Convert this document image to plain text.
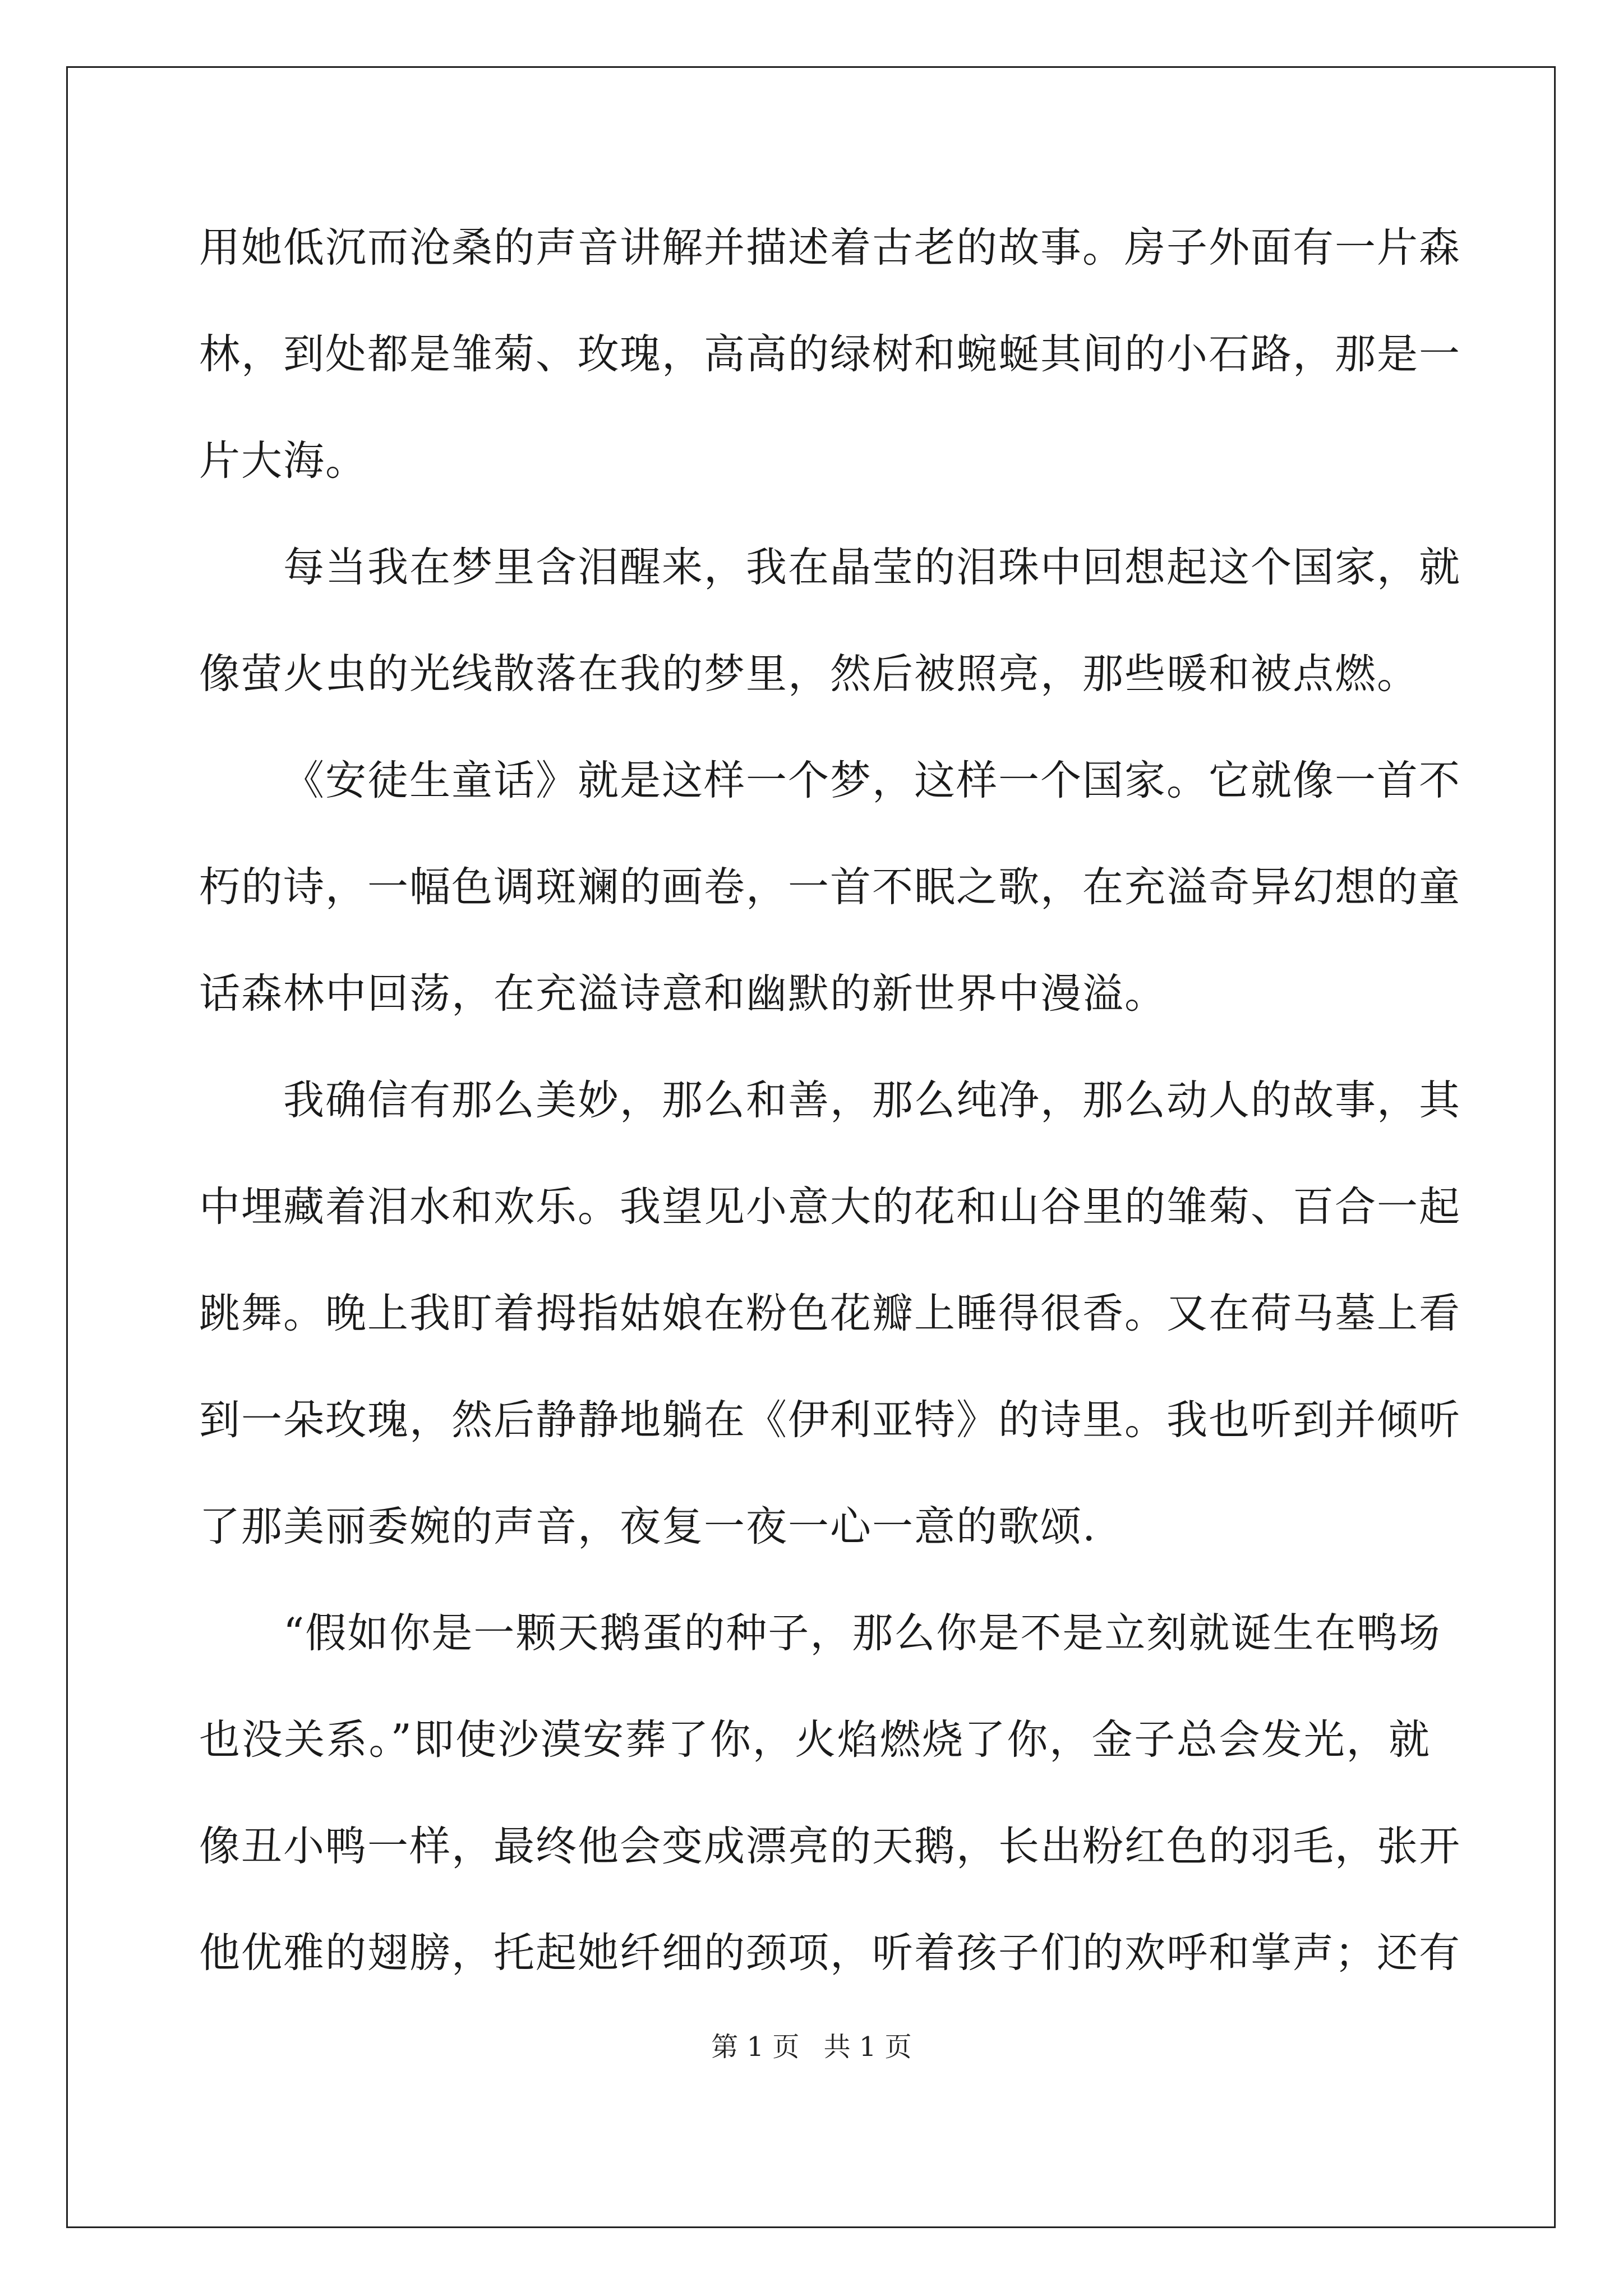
用她低沉而沧桑的声音讲解并描述着古老的故事。房子外面有一片森
林，到处都是雏菊、玫瑰，高高的绿树和蜿蜒其间的小石路，那是一
片大海。
每当我在梦里含泪醒来，我在晶莹的泪珠中回想起这个国家，就
像萤火虫的光线散落在我的梦里，然后被照亮，那些暖和被点燃。
《安徒生童话》就是这样一个梦，这样一个国家。它就像一首不
朽的诗，一幅色调斑斓的画卷，一首不眠之歌，在充溢奇异幻想的童
话森林中回荡，在充溢诗意和幽默的新世界中漫溢。
我确信有那么美妙，那么和善，那么纯净，那么动人的故事，其
中埋藏着泪水和欢乐。我望见小意大的花和山谷里的雏菊、百合一起
跳舞。晚上我盯着拇指姑娘在粉色花瓣上睡得很香。又在荷马墓上看
到一朵玫瑰，然后静静地躺在《伊利亚特》的诗里。我也听到并倾听
了那美丽委婉的声音，夜复一夜一心一意的歌颂.
“假如你是一颗天鹅蛋的种子，那么你是不是立刻就诞生在鸭场
也没关系。”即使沙漠安葬了你，火焰燃烧了你，金子总会发光，就
像丑小鸭一样，最终他会变成漂亮的天鹅，长出粉红色的羽毛，张开
他优雅的翅膀，托起她纤细的颈项，听着孩子们的欢呼和掌声；还有
第 1 页 共 1 页
